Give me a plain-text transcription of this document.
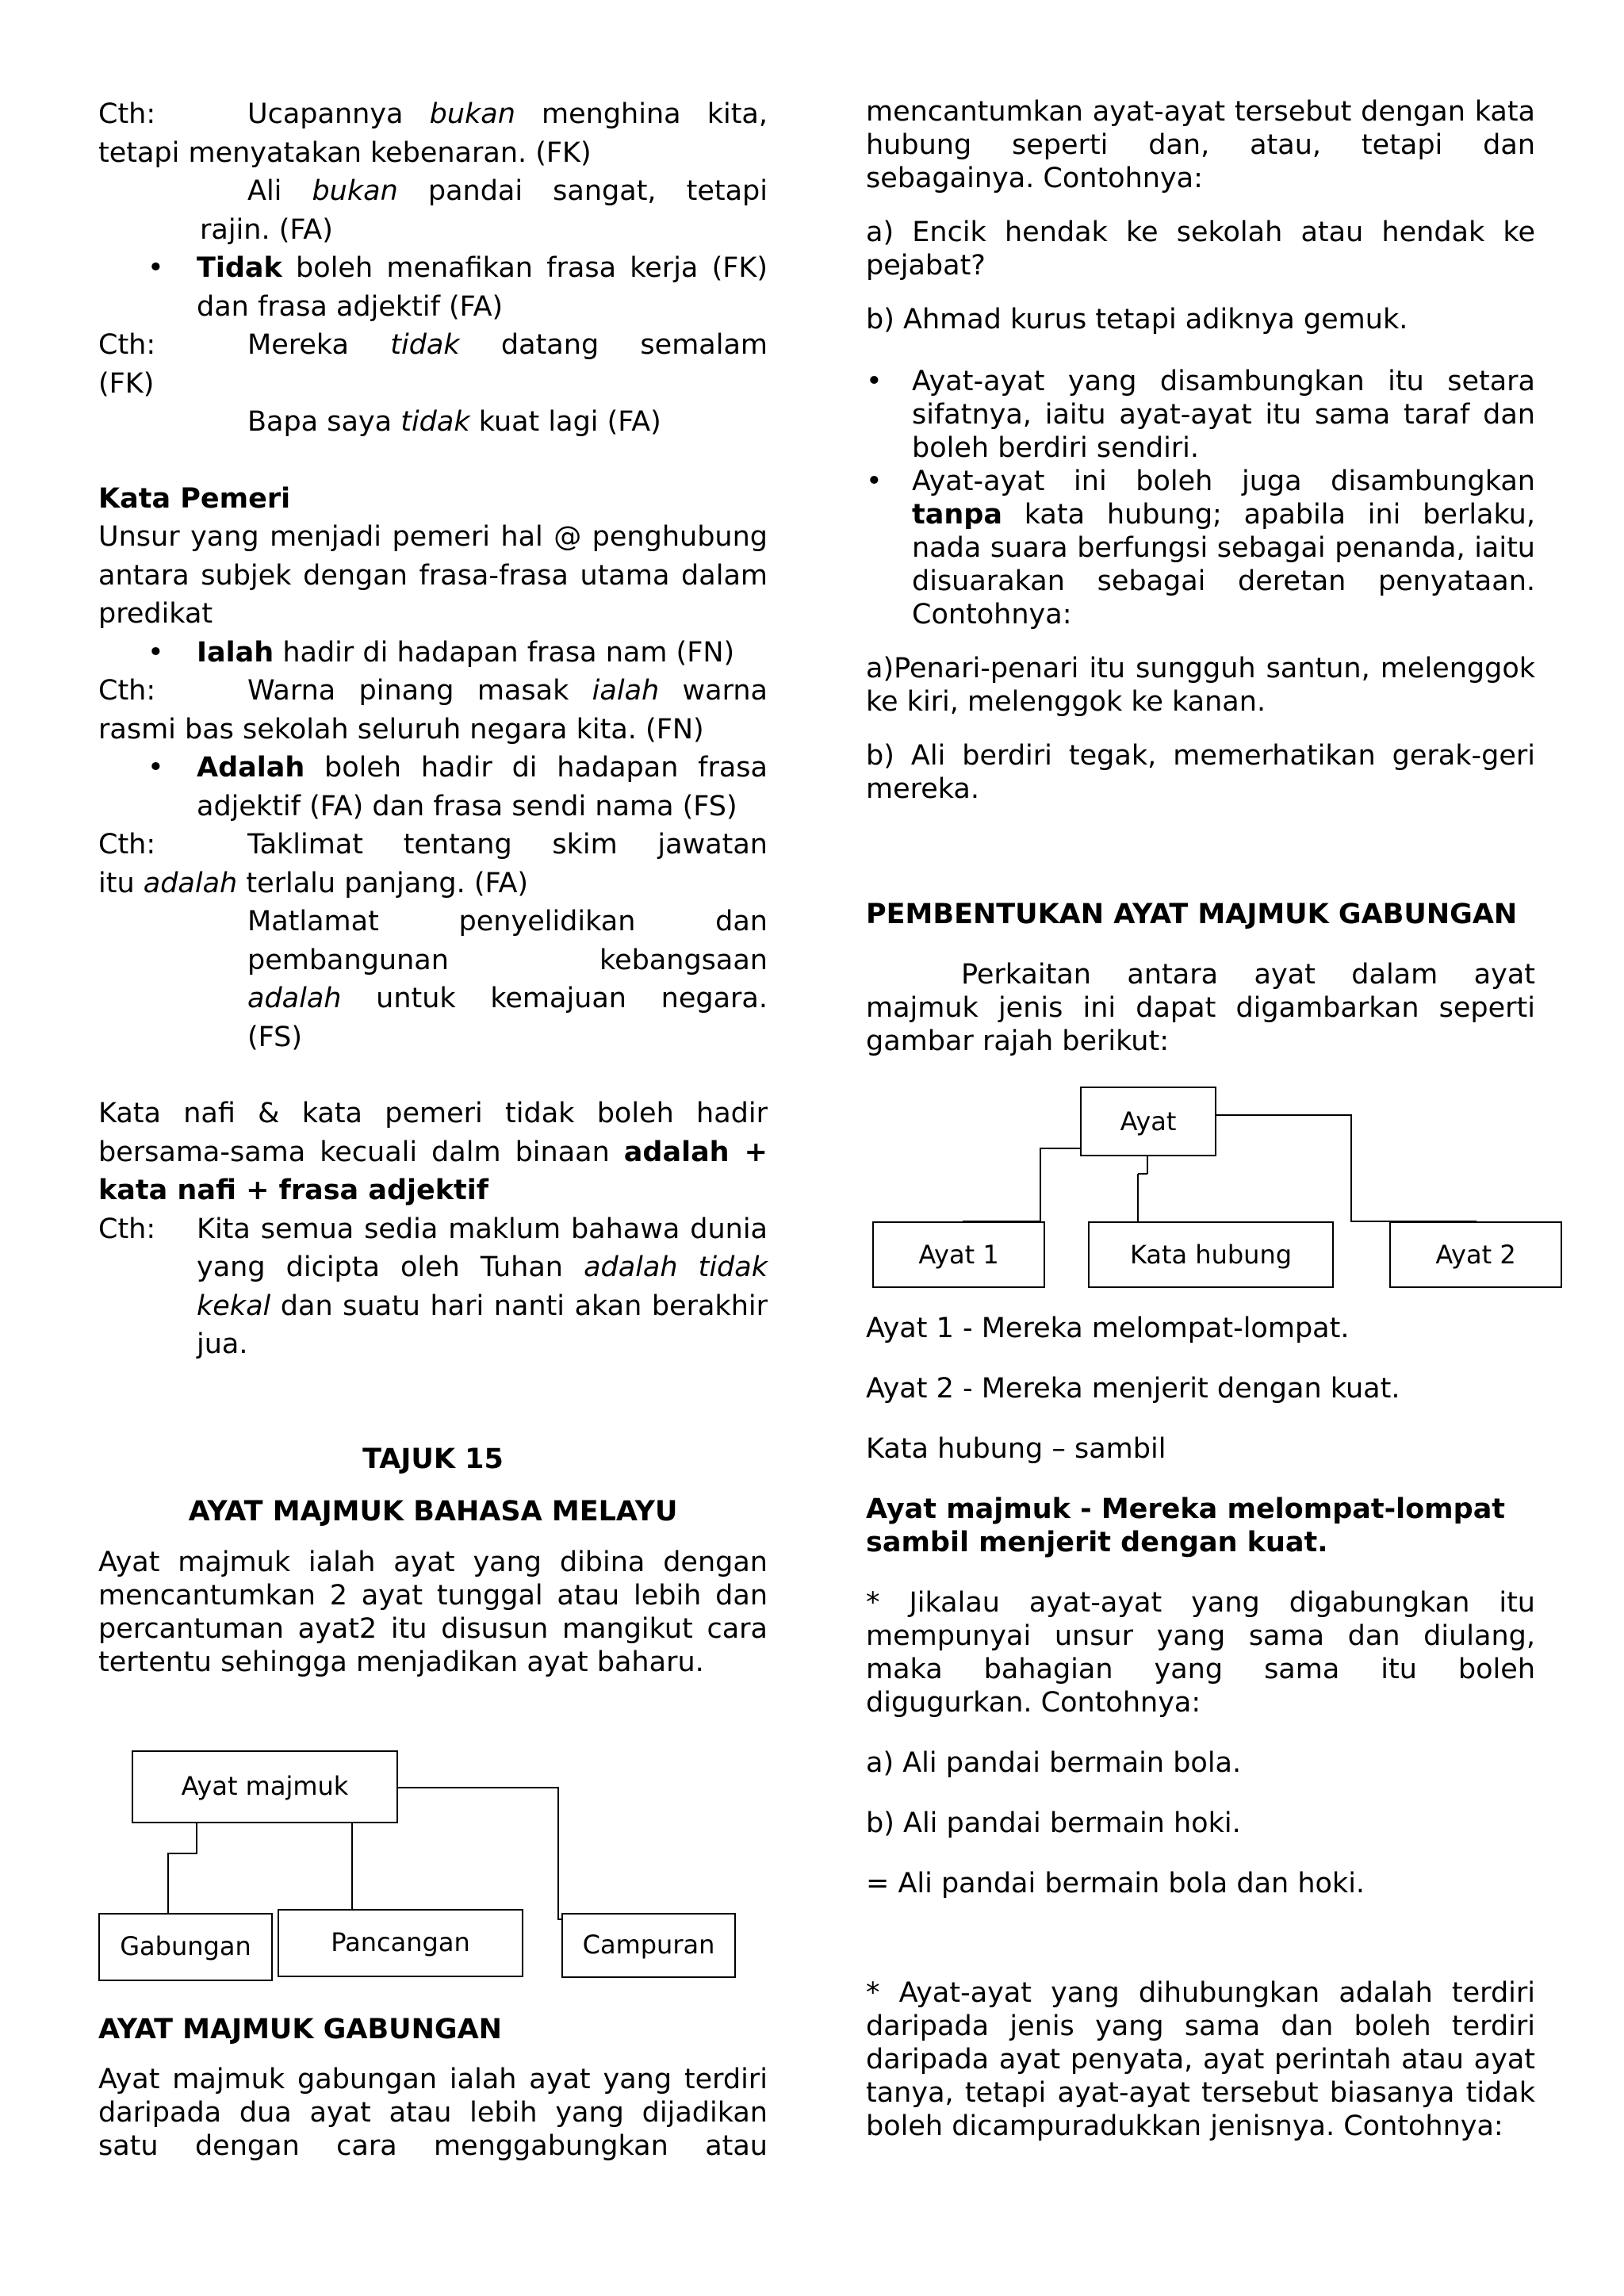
Cth:	Ucapannya bukan menghina kita,

tetapi menyatakan kebenaran. (FK)

Ali bukan pandai sangat, tetapi

rajin. (FA)

•
Tidak boleh menafikan frasa kerja (FK) dan frasa adjektif (FA)
Cth:	Mereka tidak datang semalam

(FK)

Bapa saya tidak kuat lagi (FA)

Kata Pemeri

Unsur yang menjadi pemeri hal @ penghubung antara subjek dengan frasa-frasa utama dalam predikat

•
Ialah hadir di hadapan frasa nam (FN)
Cth:	Warna pinang masak ialah warna

rasmi bas sekolah seluruh negara kita. (FN)

•
Adalah boleh hadir di hadapan frasa adjektif (FA) dan frasa sendi nama (FS)
Cth:	Taklimat tentang skim jawatan

itu adalah terlalu panjang. (FA)

Matlamat penyelidikan dan

pembangunan kebangsaan

adalah untuk kemajuan negara.

(FS)

Kata nafi & kata pemeri tidak boleh hadir

bersama-sama kecuali dalm binaan adalah +

kata nafi + frasa adjektif

Cth:	Kita semua sedia maklum bahawa dunia yang dicipta oleh Tuhan adalah tidak kekal dan suatu hari nanti akan berakhir jua.

TAJUK 15

AYAT MAJMUK BAHASA MELAYU

Ayat majmuk ialah ayat yang dibina dengan mencantumkan 2 ayat tunggal atau lebih dan percantuman ayat2 itu disusun mangikut cara tertentu sehingga menjadikan ayat baharu.

Ayat majmuk
Gabungan	Pancangan	Campuran

AYAT MAJMUK GABUNGAN

Ayat majmuk gabungan ialah ayat yang terdiri daripada dua ayat atau lebih yang dijadikan satu dengan cara menggabungkan atau

mencantumkan ayat-ayat tersebut dengan kata hubung seperti dan, atau, tetapi dan sebagainya. Contohnya:

a) Encik hendak ke sekolah atau hendak ke pejabat?

b) Ahmad kurus tetapi adiknya gemuk.

•
Ayat-ayat yang disambungkan itu setara sifatnya, iaitu ayat-ayat itu sama taraf dan boleh berdiri sendiri.
•
Ayat-ayat ini boleh juga disambungkan tanpa kata hubung; apabila ini berlaku, nada suara berfungsi sebagai penanda, iaitu disuarakan sebagai deretan penyataan. Contohnya:

a)Penari-penari itu sungguh santun, melenggok ke kiri, melenggok ke kanan.

b) Ali berdiri tegak, memerhatikan gerak-geri mereka.

PEMBENTUKAN AYAT MAJMUK GABUNGAN

Perkaitan antara ayat dalam ayat majmuk jenis ini dapat digambarkan seperti gambar rajah berikut:

Ayat
Ayat 1	Kata hubung	Ayat 2

Ayat 1 - Mereka melompat-lompat.

Ayat 2 - Mereka menjerit dengan kuat.

Kata hubung – sambil

Ayat majmuk - Mereka melompat-lompat sambil menjerit dengan kuat.

* Jikalau ayat-ayat yang digabungkan itu mempunyai unsur yang sama dan diulang, maka bahagian yang sama itu boleh digugurkan. Contohnya:

a) Ali pandai bermain bola.

b) Ali pandai bermain hoki.

= Ali pandai bermain bola dan hoki.

* Ayat-ayat yang dihubungkan adalah terdiri daripada jenis yang sama dan boleh terdiri daripada ayat penyata, ayat perintah atau ayat tanya, tetapi ayat-ayat tersebut biasanya tidak boleh dicampuradukkan jenisnya. Contohnya:
